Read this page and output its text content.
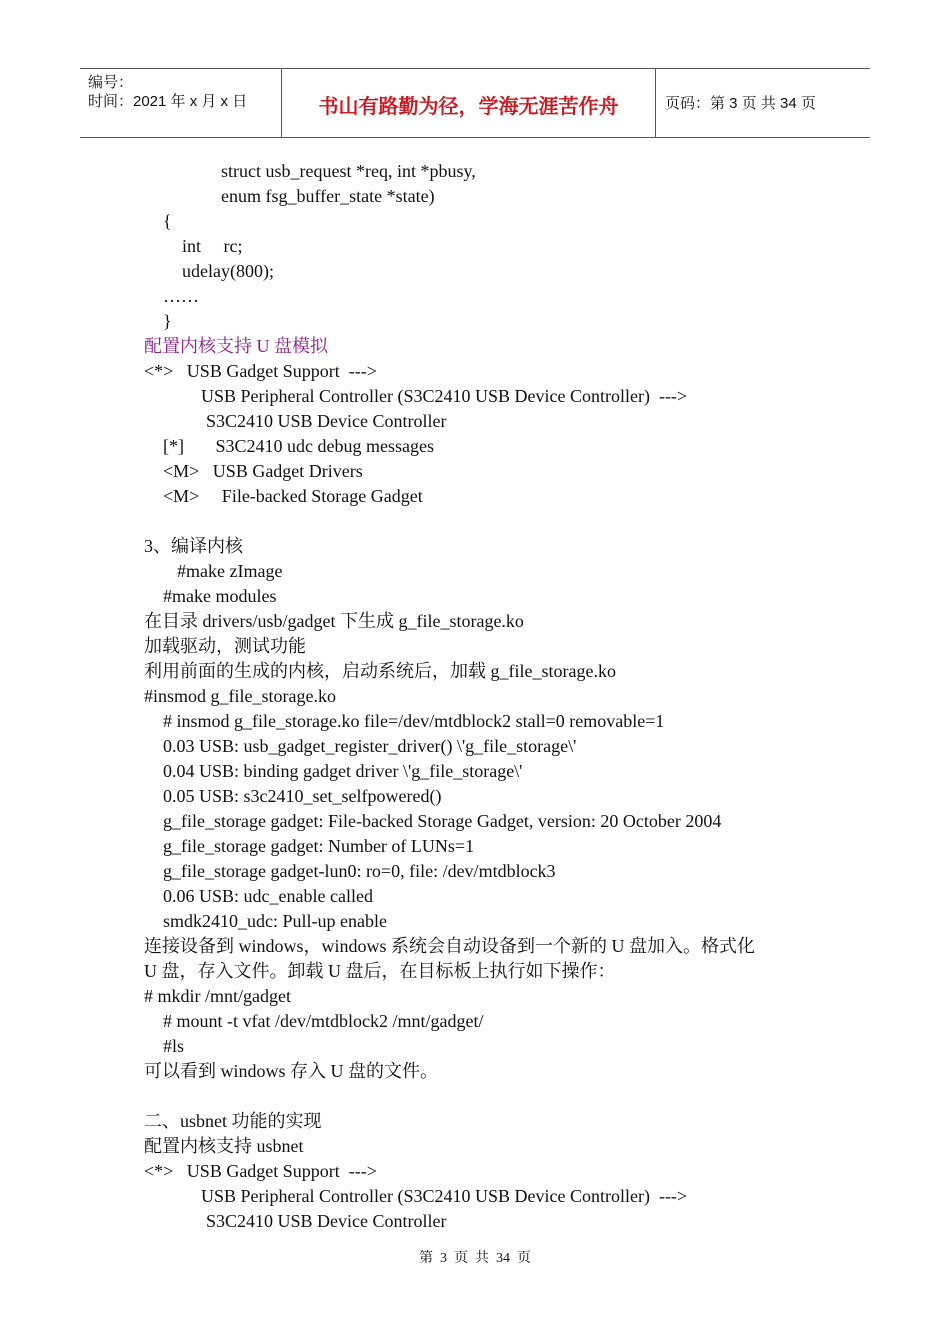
编号：
时间：2021 年 x 月 x 日	书山有路勤为径，学海无涯苦作舟	页码：第 3 页 共 34 页
struct usb_request *req, int *pbusy,
enum fsg_buffer_state *state)
{
int     rc;
udelay(800);
……
}
配置内核支持 U 盘模拟
<*>   USB Gadget Support  --->
USB Peripheral Controller (S3C2410 USB Device Controller)  --->
S3C2410 USB Device Controller
[*]       S3C2410 udc debug messages
<M>   USB Gadget Drivers
<M>     File-backed Storage Gadget
3、编译内核
#make zImage
#make modules
在目录 drivers/usb/gadget 下生成 g_file_storage.ko
加载驱动，测试功能
利用前面的生成的内核，启动系统后，加载 g_file_storage.ko
#insmod g_file_storage.ko
# insmod g_file_storage.ko file=/dev/mtdblock2 stall=0 removable=1
0.03 USB: usb_gadget_register_driver() \'g_file_storage\'
0.04 USB: binding gadget driver \'g_file_storage\'
0.05 USB: s3c2410_set_selfpowered()
g_file_storage gadget: File-backed Storage Gadget, version: 20 October 2004
g_file_storage gadget: Number of LUNs=1
g_file_storage gadget-lun0: ro=0, file: /dev/mtdblock3
0.06 USB: udc_enable called
smdk2410_udc: Pull-up enable
连接设备到 windows，windows 系统会自动设备到一个新的 U 盘加入。格式化
U 盘，存入文件。卸载 U 盘后，在目标板上执行如下操作：
# mkdir /mnt/gadget
# mount -t vfat /dev/mtdblock2 /mnt/gadget/
#ls
可以看到 windows 存入 U 盘的文件。
二、usbnet 功能的实现
配置内核支持 usbnet
<*>   USB Gadget Support  --->
USB Peripheral Controller (S3C2410 USB Device Controller)  --->
S3C2410 USB Device Controller
第  3  页  共  34  页
